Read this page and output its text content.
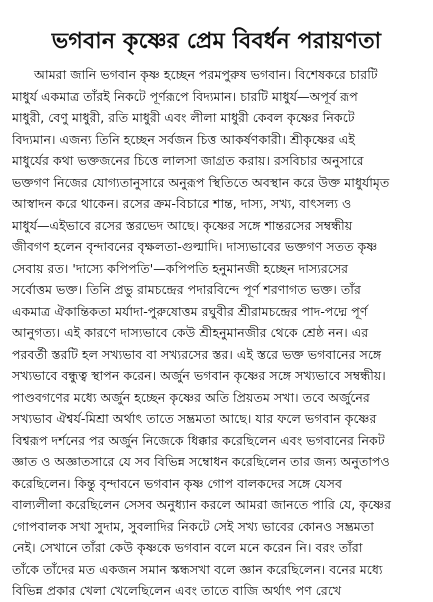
ভগবান কৃষ্ণের প্রেম বিবর্ধন পরায়ণতা
আমরা জানি ভগবান কৃষ্ণ হচ্ছেন পরমপুরুষ ভগবান। বিশেষকরে চারটি
মাধুর্য একমাত্র তাঁরই নিকটে পূর্ণরূপে বিদ্যমান। চারটি মাধুর্য—অপূর্ব রূপ
মাধুরী, বেণু মাধুরী, রতি মাধুরী এবং লীলা মাধুরী কেবল কৃষ্ণের নিকটে
বিদ্যমান। এজন্য তিনি হচ্ছেন সর্বজন চিত্ত আকর্ষণকারী। শ্রীকৃষ্ণের এই
মাধুর্যের কথা ভক্তজনের চিত্তে লালসা জাগ্রত করায়। রসবিচার অনুসারে
ভক্তগণ নিজের যোগ্যতানুসারে অনুরূপ স্থিতিতে অবস্থান করে উক্ত মাধুর্যামৃত
আস্বাদন করে থাকেন। রসের ক্রম-বিচারে শান্ত, দাস্য, সখ্য, বাৎসল্য ও
মাধুর্য—এইভাবে রসের স্তরভেদ আছে। কৃষ্ণের সঙ্গে শান্তরসের সম্বন্ধীয়
জীবগণ হলেন বৃন্দাবনের বৃক্ষলতা-গুল্মাদি। দাস্যভাবের ভক্তগণ সতত কৃষ্ণ
সেবায় রত। 'দাস্যে কপিপতি'—কপিপতি হনুমানজী হচ্ছেন দাস্যরসের
সর্বোত্তম ভক্ত। তিনি প্রভু রামচন্দ্রের পদারবিন্দে পূর্ণ শরণাগত ভক্ত। তাঁর
একমাত্র ঐকান্তিকতা মর্যাদা-পুরুষোত্তম রঘুবীর শ্রীরামচন্দ্রের পাদ-পদ্মে পূর্ণ
আনুগত্য। এই কারণে দাস্যভাবে কেউ শ্রীহনুমানজীর থেকে শ্রেষ্ঠ নন। এর
পরবর্তী স্তরটি হল সখ্যভাব বা সখ্যরসের স্তর। এই স্তরে ভক্ত ভগবানের সঙ্গে
সখ্যভাবে বন্ধুত্ব স্থাপন করেন। অর্জুন ভগবান কৃষ্ণের সঙ্গে সখ্যভাবে সম্বন্ধীয়।
পাণ্ডবগণের মধ্যে অর্জুন হচ্ছেন কৃষ্ণের অতি প্রিয়তম সখা। তবে অর্জুনের
সখ্যভাব ঐশ্বর্য-মিশ্রা অর্থাৎ তাতে সম্ভ্রমতা আছে। যার ফলে ভগবান কৃষ্ণের
বিশ্বরূপ দর্শনের পর অর্জুন নিজেকে ধিক্কার করেছিলেন এবং ভগবানের নিকট
জ্ঞাত ও অজ্ঞাতসারে যে সব বিভিন্ন সম্বোধন করেছিলেন তার জন্য অনুতাপও
করেছিলেন। কিন্তু বৃন্দাবনে ভগবান কৃষ্ণ গোপ বালকদের সঙ্গে যেসব
বাল্যলীলা করেছিলেন সেসব অনুধ্যান করলে আমরা জানতে পারি যে, কৃষ্ণের
গোপবালক সখা সুদাম, সুবলাদির নিকটে সেই সখ্য ভাবের কোনও সম্ভ্রমতা
নেই। সেখানে তাঁরা কেউ কৃষ্ণকে ভগবান বলে মনে করেন নি। বরং তাঁরা
তাঁকে তাঁদের মত একজন সমান স্কন্ধসখা বলে জ্ঞান করেছিলেন। বনের মধ্যে
বিভিন্ন প্রকার খেলা খেলেছিলেন এবং তাতে বাজি অর্থাৎ পণ রেখে
